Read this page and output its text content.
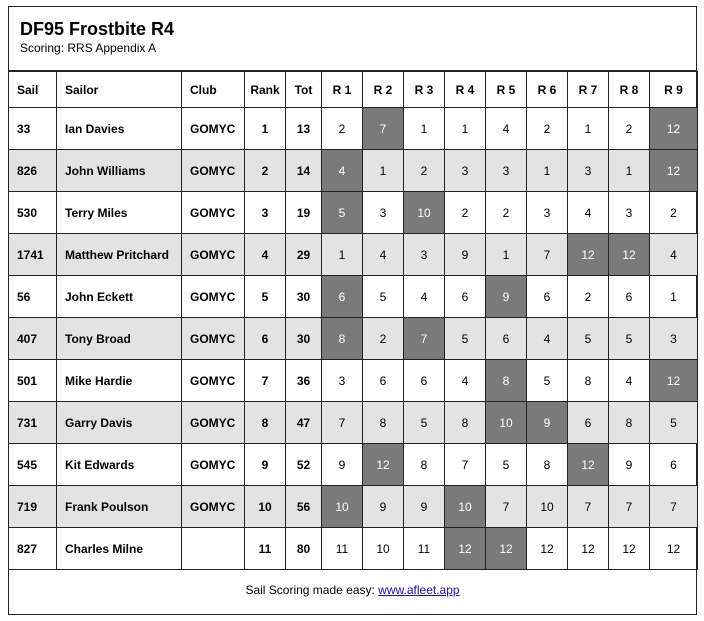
DF95 Frostbite R4
Scoring: RRS Appendix A
Sail	Sailor	Club	Rank	Tot	R 1	R 2	R 3	R 4	R 5	R 6	R 7	R 8	R 9
33	Ian Davies	GOMYC	1	13	2	7	1	1	4	2	1	2	12
826	John Williams	GOMYC	2	14	4	1	2	3	3	1	3	1	12
530	Terry Miles	GOMYC	3	19	5	3	10	2	2	3	4	3	2
1741	Matthew Pritchard	GOMYC	4	29	1	4	3	9	1	7	12	12	4
56	John Eckett	GOMYC	5	30	6	5	4	6	9	6	2	6	1
407	Tony Broad	GOMYC	6	30	8	2	7	5	6	4	5	5	3
501	Mike Hardie	GOMYC	7	36	3	6	6	4	8	5	8	4	12
731	Garry Davis	GOMYC	8	47	7	8	5	8	10	9	6	8	5
545	Kit Edwards	GOMYC	9	52	9	12	8	7	5	8	12	9	6
719	Frank Poulson	GOMYC	10	56	10	9	9	10	7	10	7	7	7
827	Charles Milne		11	80	11	10	11	12	12	12	12	12	12
Sail Scoring made easy: www.afleet.app
